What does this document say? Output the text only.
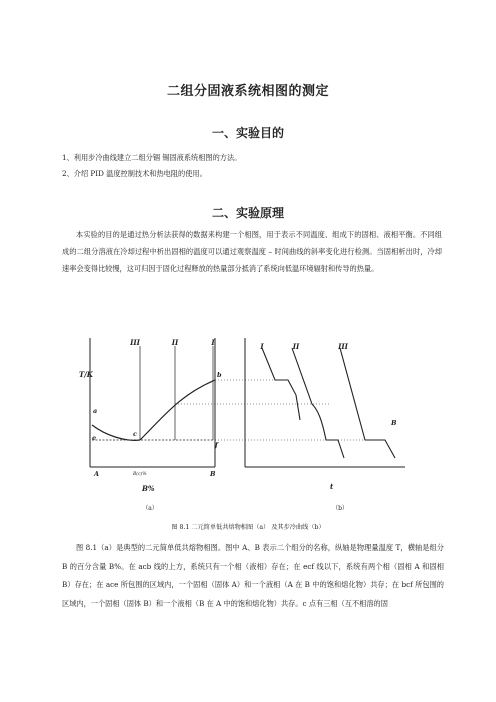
二组分固液系统相图的测定
一、实验目的
1、利用步冷曲线建立二组分锢 锡固液系统相图的方法。
2、介绍 PID 温度控制技术和热电阻的使用。
二、实验原理
本实验的目的是通过热分析法获得的数据来构建一个相图，用于表示不同温度、组成下的固相、液相平衡。不同组成的二组分溶液在冷却过程中析出固相的温度可以通过观察温度 – 时间曲线的斜率变化进行检测。当固相析出时，冷却速率会变得比较慢，这可归因于固化过程释放的热量部分抵消了系统向低温环境辐射和传导的热量。
III	II	I
T/K
a
b
c
e
f
A	B
B(c)%
B%
（a）
I	II	III
B
t
（b）
图 8.1 二元简单低共熔物相图（a） 及其步冷曲线（b）
图 8.1（a）是典型的二元简单低共熔物相图。图中 A、B 表示二个组分的名称，纵轴是物理量温度 T，横轴是组分 B 的百分含量 B%。在 acb 线的上方，系统只有一个相（液相）存在；在 ecf 线以下，系统有两个相（固相 A 和固相 B）存在；在 ace 所包围的区域内，一个固相（固体 A）和一个液相（A 在 B 中的饱和熔化物）共存；在 bcf 所包围的区域内，一个固相（固体 B）和一个液相（B 在 A 中的饱和熔化物）共存。c 点有三相（互不相溶的固
